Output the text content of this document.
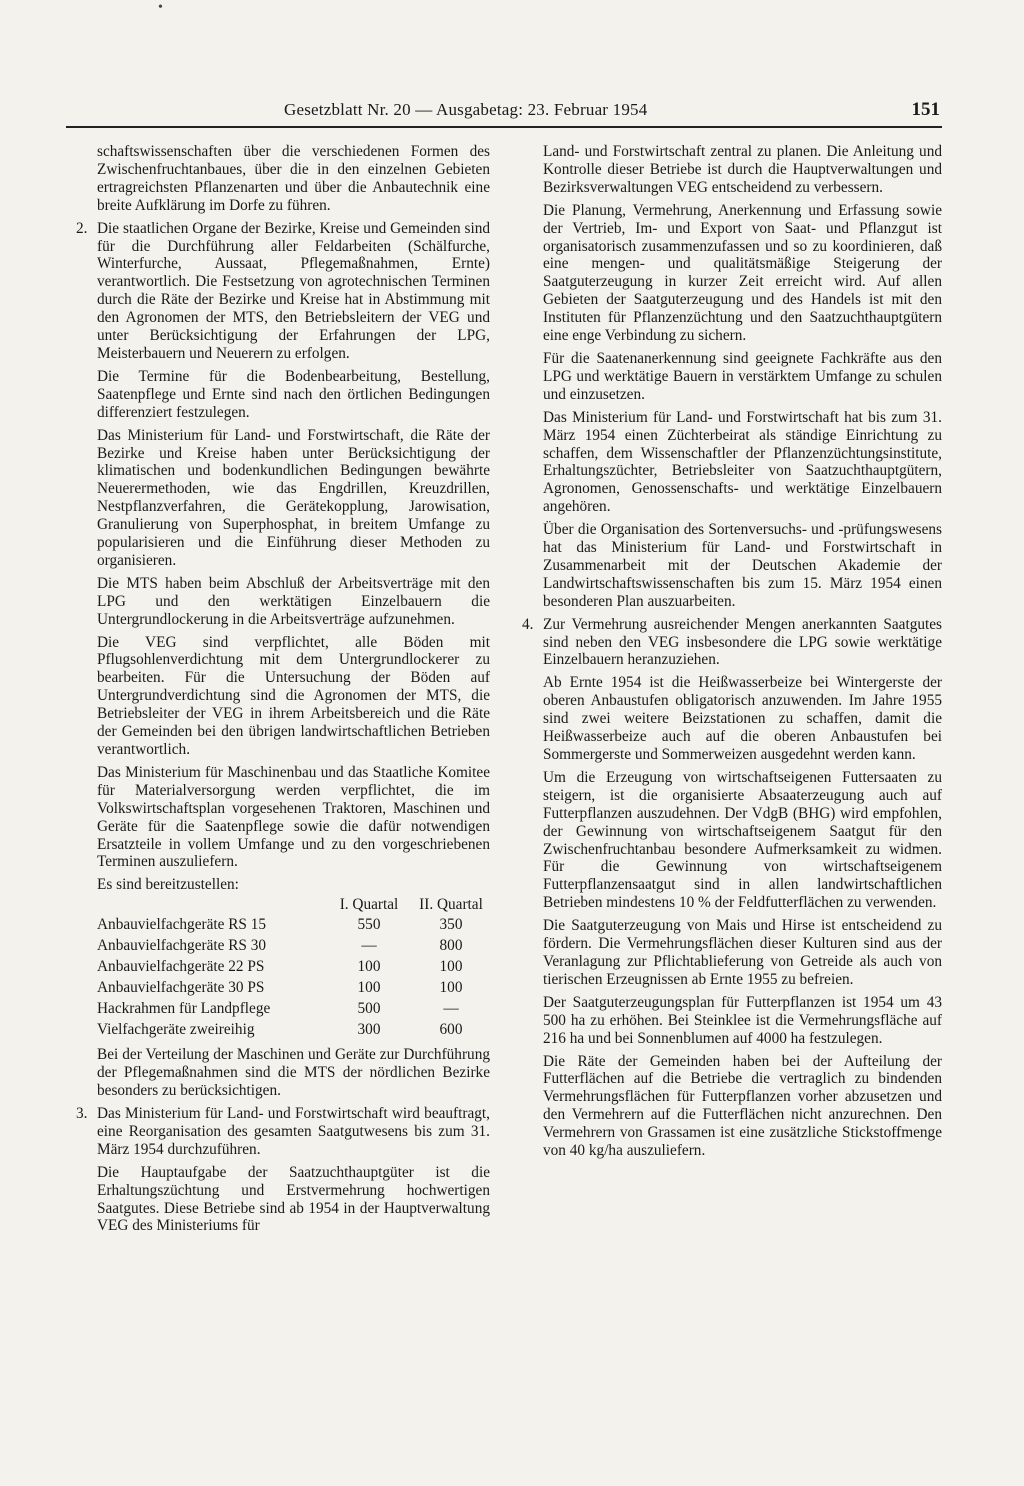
Gesetzblatt Nr. 20 — Ausgabetag: 23. Februar 1954	151

schaftswissenschaften über die verschiedenen Formen des Zwischenfruchtanbaues, über die in den einzelnen Gebieten ertragreichsten Pflanzenarten und über die Anbautechnik eine breite Aufklärung im Dorfe zu führen.

2. Die staatlichen Organe der Bezirke, Kreise und Gemeinden sind für die Durchführung aller Feldarbeiten (Schälfurche, Winterfurche, Aussaat, Pflegemaßnahmen, Ernte) verantwortlich. Die Festsetzung von agrotechnischen Terminen durch die Räte der Bezirke und Kreise hat in Abstimmung mit den Agronomen der MTS, den Betriebsleitern der VEG und unter Berücksichtigung der Erfahrungen der LPG, Meisterbauern und Neuerern zu erfolgen.

Die Termine für die Bodenbearbeitung, Bestellung, Saatenpflege und Ernte sind nach den örtlichen Bedingungen differenziert festzulegen.

Das Ministerium für Land- und Forstwirtschaft, die Räte der Bezirke und Kreise haben unter Berücksichtigung der klimatischen und bodenkundlichen Bedingungen bewährte Neuerermethoden, wie das Engdrillen, Kreuzdrillen, Nestpflanzverfahren, die Gerätekopplung, Jarowisation, Granulierung von Superphosphat, in breitem Umfange zu popularisieren und die Einführung dieser Methoden zu organisieren.

Die MTS haben beim Abschluß der Arbeitsverträge mit den LPG und den werktätigen Einzelbauern die Untergrundlockerung in die Arbeitsverträge aufzunehmen.

Die VEG sind verpflichtet, alle Böden mit Pflugsohlenverdichtung mit dem Untergrundlockerer zu bearbeiten. Für die Untersuchung der Böden auf Untergrundverdichtung sind die Agronomen der MTS, die Betriebsleiter der VEG in ihrem Arbeitsbereich und die Räte der Gemeinden bei den übrigen landwirtschaftlichen Betrieben verantwortlich.

Das Ministerium für Maschinenbau und das Staatliche Komitee für Materialversorgung werden verpflichtet, die im Volkswirtschaftsplan vorgesehenen Traktoren, Maschinen und Geräte für die Saatenpflege sowie die dafür notwendigen Ersatzteile in vollem Umfange und zu den vorgeschriebenen Terminen auszuliefern.

Es sind bereitzustellen:

	I. Quartal	II. Quartal
Anbauvielfachgeräte RS 15	550	350
Anbauvielfachgeräte RS 30	—	800
Anbauvielfachgeräte 22 PS	100	100
Anbauvielfachgeräte 30 PS	100	100
Hackrahmen für Landpflege	500	—
Vielfachgeräte zweireihig	300	600

Bei der Verteilung der Maschinen und Geräte zur Durchführung der Pflegemaßnahmen sind die MTS der nördlichen Bezirke besonders zu berücksichtigen.

3. Das Ministerium für Land- und Forstwirtschaft wird beauftragt, eine Reorganisation des gesamten Saatgutwesens bis zum 31. März 1954 durchzuführen.

Die Hauptaufgabe der Saatzuchthauptgüter ist die Erhaltungszüchtung und Erstvermehrung hochwertigen Saatgutes. Diese Betriebe sind ab 1954 in der Hauptverwaltung VEG des Ministeriums für

Land- und Forstwirtschaft zentral zu planen. Die Anleitung und Kontrolle dieser Betriebe ist durch die Hauptverwaltungen und Bezirksverwaltungen VEG entscheidend zu verbessern.

Die Planung, Vermehrung, Anerkennung und Erfassung sowie der Vertrieb, Im- und Export von Saat- und Pflanzgut ist organisatorisch zusammenzufassen und so zu koordinieren, daß eine mengen- und qualitätsmäßige Steigerung der Saatguterzeugung in kurzer Zeit erreicht wird. Auf allen Gebieten der Saatguterzeugung und des Handels ist mit den Instituten für Pflanzenzüchtung und den Saatzuchthauptgütern eine enge Verbindung zu sichern.

Für die Saatenanerkennung sind geeignete Fachkräfte aus den LPG und werktätige Bauern in verstärktem Umfange zu schulen und einzusetzen.

Das Ministerium für Land- und Forstwirtschaft hat bis zum 31. März 1954 einen Züchterbeirat als ständige Einrichtung zu schaffen, dem Wissenschaftler der Pflanzenzüchtungsinstitute, Erhaltungszüchter, Betriebsleiter von Saatzuchthauptgütern, Agronomen, Genossenschafts- und werktätige Einzelbauern angehören.

Über die Organisation des Sortenversuchs- und -prüfungswesens hat das Ministerium für Land- und Forstwirtschaft in Zusammenarbeit mit der Deutschen Akademie der Landwirtschaftswissenschaften bis zum 15. März 1954 einen besonderen Plan auszuarbeiten.

4. Zur Vermehrung ausreichender Mengen anerkannten Saatgutes sind neben den VEG insbesondere die LPG sowie werktätige Einzelbauern heranzuziehen.

Ab Ernte 1954 ist die Heißwasserbeize bei Wintergerste der oberen Anbaustufen obligatorisch anzuwenden. Im Jahre 1955 sind zwei weitere Beizstationen zu schaffen, damit die Heißwasserbeize auch auf die oberen Anbaustufen bei Sommergerste und Sommerweizen ausgedehnt werden kann.

Um die Erzeugung von wirtschaftseigenen Futtersaaten zu steigern, ist die organisierte Absaaterzeugung auch auf Futterpflanzen auszudehnen. Der VdgB (BHG) wird empfohlen, der Gewinnung von wirtschaftseigenem Saatgut für den Zwischenfruchtanbau besondere Aufmerksamkeit zu widmen. Für die Gewinnung von wirtschaftseigenem Futterpflanzensaatgut sind in allen landwirtschaftlichen Betrieben mindestens 10 % der Feldfutterflächen zu verwenden.

Die Saatguterzeugung von Mais und Hirse ist entscheidend zu fördern. Die Vermehrungsflächen dieser Kulturen sind aus der Veranlagung zur Pflichtablieferung von Getreide als auch von tierischen Erzeugnissen ab Ernte 1955 zu befreien.

Der Saatguterzeugungsplan für Futterpflanzen ist 1954 um 43 500 ha zu erhöhen. Bei Steinklee ist die Vermehrungsfläche auf 216 ha und bei Sonnenblumen auf 4000 ha festzulegen.

Die Räte der Gemeinden haben bei der Aufteilung der Futterflächen auf die Betriebe die vertraglich zu bindenden Vermehrungsflächen für Futterpflanzen vorher abzusetzen und den Vermehrern auf die Futterflächen nicht anzurechnen. Den Vermehrern von Grassamen ist eine zusätzliche Stickstoffmenge von 40 kg/ha auszuliefern.

•
